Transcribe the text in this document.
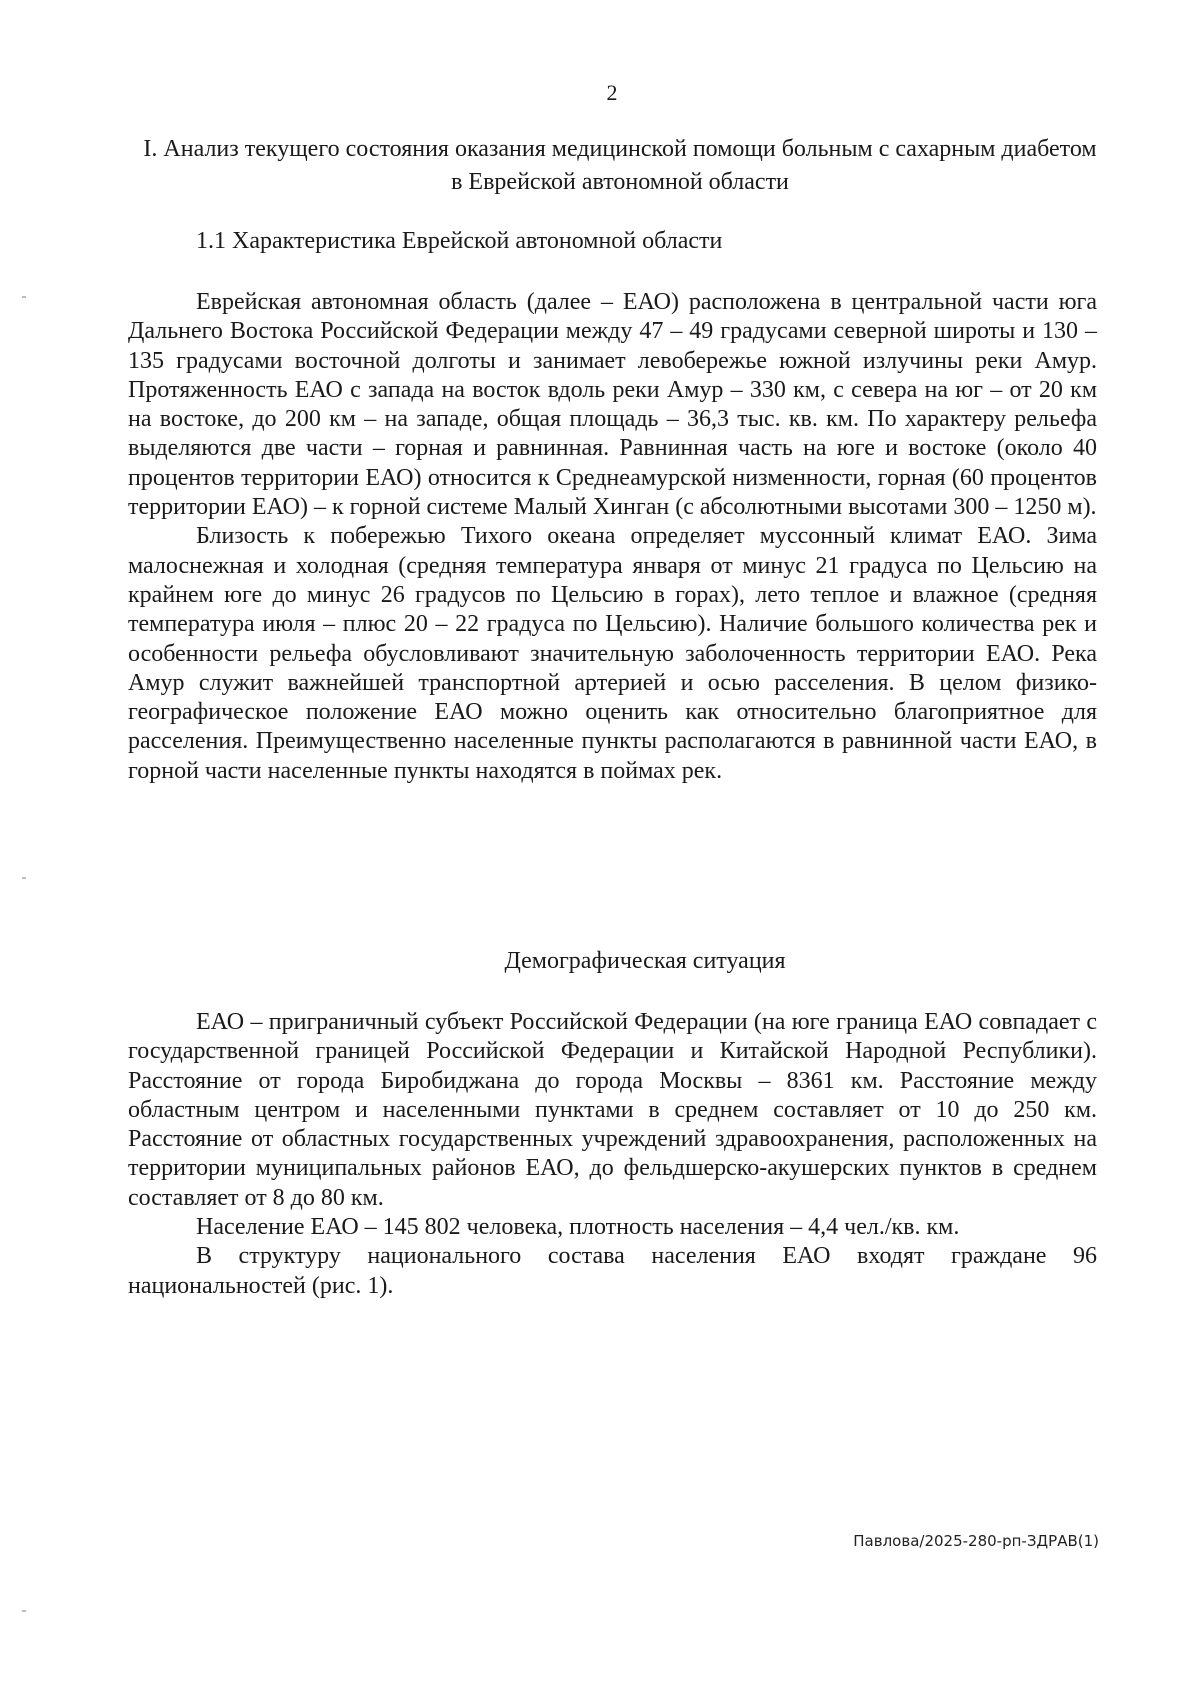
2
I. Анализ текущего состояния оказания медицинской помощи больным с сахарным диабетом в Еврейской автономной области
1.1 Характеристика Еврейской автономной области

Еврейская автономная область (далее – ЕАО) расположена в центральной части юга Дальнего Востока Российской Федерации между 47 – 49 градусами северной широты и 130 – 135 градусами восточной долготы и занимает левобережье южной излучины реки Амур. Протяженность ЕАО с запада на восток вдоль реки Амур – 330 км, с севера на юг – от 20 км на востоке, до 200 км – на западе, общая площадь – 36,3 тыс. кв. км. По характеру рельефа выделяются две части – горная и равнинная. Равнинная часть на юге и востоке (около 40 процентов территории ЕАО) относится к Среднеамурской низменности, горная (60 процентов территории ЕАО) – к горной системе Малый Хинган (с абсолютными высотами 300 – 1250 м).

Близость к побережью Тихого океана определяет муссонный климат ЕАО. Зима малоснежная и холодная (средняя температура января от минус 21 градуса по Цельсию на крайнем юге до минус 26 градусов по Цельсию в горах), лето теплое и влажное (средняя температура июля – плюс 20 – 22 градуса по Цельсию). Наличие большого количества рек и особенности рельефа обусловливают значительную заболоченность территории ЕАО. Река Амур служит важнейшей транспортной артерией и осью расселения. В целом физико-географическое положение ЕАО можно оценить как относительно благоприятное для расселения. Преимущественно населенные пункты располагаются в равнинной части ЕАО, в горной части населенные пункты находятся в поймах рек.

Демографическая ситуация

ЕАО – приграничный субъект Российской Федерации (на юге граница ЕАО совпадает с государственной границей Российской Федерации и Китайской Народной Республики). Расстояние от города Биробиджана до города Москвы – 8361 км. Расстояние между областным центром и населенными пунктами в среднем составляет от 10 до 250 км. Расстояние от областных государственных учреждений здравоохранения, расположенных на территории муниципальных районов ЕАО, до фельдшерско-акушерских пунктов в среднем составляет от 8 до 80 км.

Население ЕАО – 145 802 человека, плотность населения – 4,4 чел./кв. км.

В структуру национального состава населения ЕАО входят граждане 96 национальностей (рис. 1).

Павлова/2025-280-рп-ЗДРАВ(1)
